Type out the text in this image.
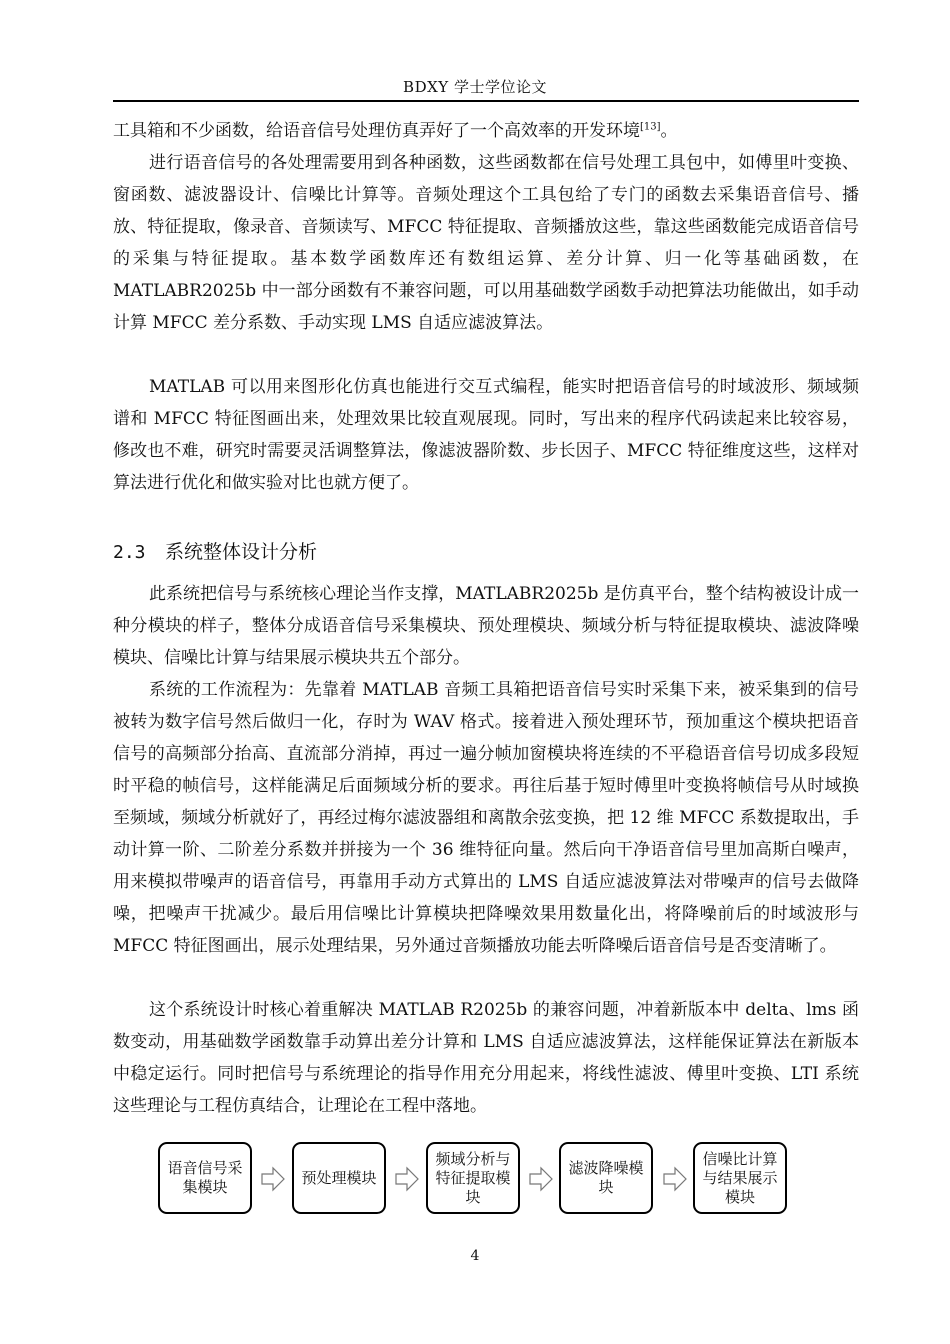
BDXY 学士学位论文

工具箱和不少函数，给语音信号处理仿真弄好了一个高效率的开发环境[13]。

进行语音信号的各处理需要用到各种函数，这些函数都在信号处理工具包中，如傅里叶变换、窗函数、滤波器设计、信噪比计算等。音频处理这个工具包给了专门的函数去采集语音信号、播放、特征提取，像录音、音频读写、MFCC 特征提取、音频播放这些，靠这些函数能完成语音信号的采集与特征提取。基本数学函数库还有数组运算、差分计算、归一化等基础函数，在 MATLABR2025b 中一部分函数有不兼容问题，可以用基础数学函数手动把算法功能做出，如手动计算 MFCC 差分系数、手动实现 LMS 自适应滤波算法。

MATLAB 可以用来图形化仿真也能进行交互式编程，能实时把语音信号的时域波形、频域频谱和 MFCC 特征图画出来，处理效果比较直观展现。同时，写出来的程序代码读起来比较容易，修改也不难，研究时需要灵活调整算法，像滤波器阶数、步长因子、MFCC 特征维度这些，这样对算法进行优化和做实验对比也就方便了。

2.3 系统整体设计分析

此系统把信号与系统核心理论当作支撑，MATLABR2025b 是仿真平台，整个结构被设计成一种分模块的样子，整体分成语音信号采集模块、预处理模块、频域分析与特征提取模块、滤波降噪模块、信噪比计算与结果展示模块共五个部分。

系统的工作流程为：先靠着 MATLAB 音频工具箱把语音信号实时采集下来，被采集到的信号被转为数字信号然后做归一化，存时为 WAV 格式。接着进入预处理环节，预加重这个模块把语音信号的高频部分抬高、直流部分消掉，再过一遍分帧加窗模块将连续的不平稳语音信号切成多段短时平稳的帧信号，这样能满足后面频域分析的要求。再往后基于短时傅里叶变换将帧信号从时域换至频域，频域分析就好了，再经过梅尔滤波器组和离散余弦变换，把 12 维 MFCC 系数提取出，手动计算一阶、二阶差分系数并拼接为一个 36 维特征向量。然后向干净语音信号里加高斯白噪声，用来模拟带噪声的语音信号，再靠用手动方式算出的 LMS 自适应滤波算法对带噪声的信号去做降噪，把噪声干扰减少。最后用信噪比计算模块把降噪效果用数量化出，将降噪前后的时域波形与 MFCC 特征图画出，展示处理结果，另外通过音频播放功能去听降噪后语音信号是否变清晰了。

这个系统设计时核心着重解决 MATLAB R2025b 的兼容问题，冲着新版本中 delta、lms 函数变动，用基础数学函数靠手动算出差分计算和 LMS 自适应滤波算法，这样能保证算法在新版本中稳定运行。同时把信号与系统理论的指导作用充分用起来，将线性滤波、傅里叶变换、LTI 系统这些理论与工程仿真结合，让理论在工程中落地。

语音信号采集模块
预处理模块
频域分析与特征提取模块
滤波降噪模块
信噪比计算与结果展示模块
4
